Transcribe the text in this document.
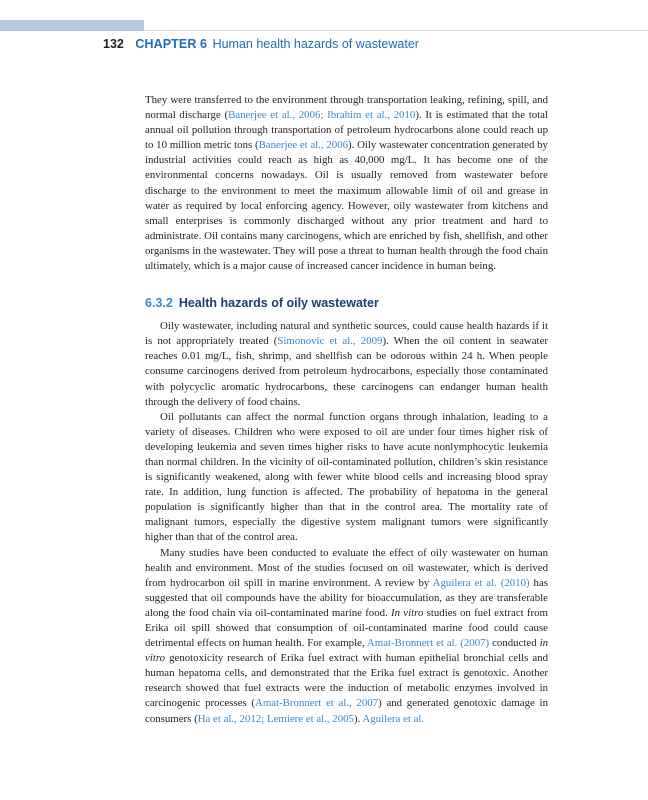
132 CHAPTER 6 Human health hazards of wastewater

They were transferred to the environment through transportation leaking, refining, spill, and normal discharge (Banerjee et al., 2006; Ibrahim et al., 2010). It is estimated that the total annual oil pollution through transportation of petroleum hydrocarbons alone could reach up to 10 million metric tons (Banerjee et al., 2006). Oily wastewater concentration generated by industrial activities could reach as high as 40,000 mg/L. It has become one of the environmental concerns nowadays. Oil is usually removed from wastewater before discharge to the environment to meet the maximum allowable limit of oil and grease in water as required by local enforcing agency. However, oily wastewater from kitchens and small enterprises is commonly discharged without any prior treatment and hard to administrate. Oil contains many carcinogens, which are enriched by fish, shellfish, and other organisms in the wastewater. They will pose a threat to human health through the food chain ultimately, which is a major cause of increased cancer incidence in human being.

6.3.2 Health hazards of oily wastewater

Oily wastewater, including natural and synthetic sources, could cause health hazards if it is not appropriately treated (Simonovic et al., 2009). When the oil content in seawater reaches 0.01 mg/L, fish, shrimp, and shellfish can be odorous within 24 h. When people consume carcinogens derived from petroleum hydrocarbons, especially those contaminated with polycyclic aromatic hydrocarbons, these carcinogens can endanger human health through the delivery of food chains.

Oil pollutants can affect the normal function organs through inhalation, leading to a variety of diseases. Children who were exposed to oil are under four times higher risk of developing leukemia and seven times higher risks to have acute nonlymphocytic leukemia than normal children. In the vicinity of oil-contaminated pollution, children’s skin resistance is significantly weakened, along with fewer white blood cells and increasing blood spray rate. In addition, lung function is affected. The probability of hepatoma in the general population is significantly higher than that in the control area. The mortality rate of malignant tumors, especially the digestive system malignant tumors were significantly higher than that of the control area.

Many studies have been conducted to evaluate the effect of oily wastewater on human health and environment. Most of the studies focused on oil wastewater, which is derived from hydrocarbon oil spill in marine environment. A review by Aguilera et al. (2010) has suggested that oil compounds have the ability for bioaccumulation, as they are transferable along the food chain via oil-contaminated marine food. In vitro studies on fuel extract from Erika oil spill showed that consumption of oil-contaminated marine food could cause detrimental effects on human health. For example, Amat-Bronnert et al. (2007) conducted in vitro genotoxicity research of Erika fuel extract with human epithelial bronchial cells and human hepatoma cells, and demonstrated that the Erika fuel extract is genotoxic. Another research showed that fuel extracts were the induction of metabolic enzymes involved in carcinogenic processes (Amat-Bronnert et al., 2007) and generated genotoxic damage in consumers (Ha et al., 2012; Lemiere et al., 2005). Aguilera et al.
